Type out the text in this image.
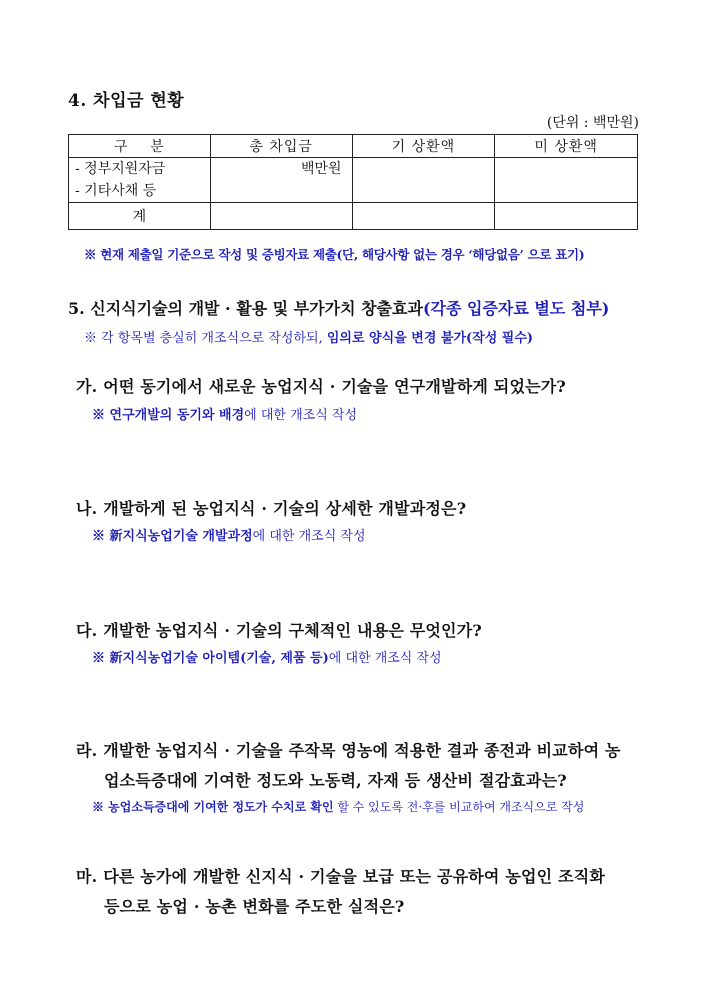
4. 차입금 현황
(단위 : 백만원)
구    분	총 차입금	기 상환액	미 상환액

- 정부지원자금
- 기타사채 등	백만원		
계			
※ 현재 제출일 기준으로 작성 및 증빙자료 제출(단, 해당사항 없는 경우 ‘해당없음’ 으로 표기)
5. 신지식기술의 개발 · 활용 및 부가가치 창출효과(각종 입증자료 별도 첨부)
※ 각 항목별 충실히 개조식으로 작성하되, 임의로 양식을 변경 불가(작성 필수)
가. 어떤 동기에서 새로운 농업지식 · 기술을 연구개발하게 되었는가?
※ 연구개발의 동기와 배경에 대한 개조식 작성
나. 개발하게 된 농업지식 · 기술의 상세한 개발과정은?
※ 新지식농업기술 개발과정에 대한 개조식 작성
다. 개발한 농업지식 · 기술의 구체적인 내용은 무엇인가?
※ 新지식농업기술 아이템(기술, 제품 등)에 대한 개조식 작성
라. 개발한 농업지식 · 기술을 주작목 영농에 적용한 결과 종전과 비교하여 농
업소득증대에 기여한 정도와 노동력, 자재 등 생산비 절감효과는?
※ 농업소득증대에 기여한 정도가 수치로 확인 할 수 있도록 전·후를 비교하여 개조식으로 작성
마. 다른 농가에 개발한 신지식 · 기술을 보급 또는 공유하여 농업인 조직화
등으로 농업 · 농촌 변화를 주도한 실적은?
